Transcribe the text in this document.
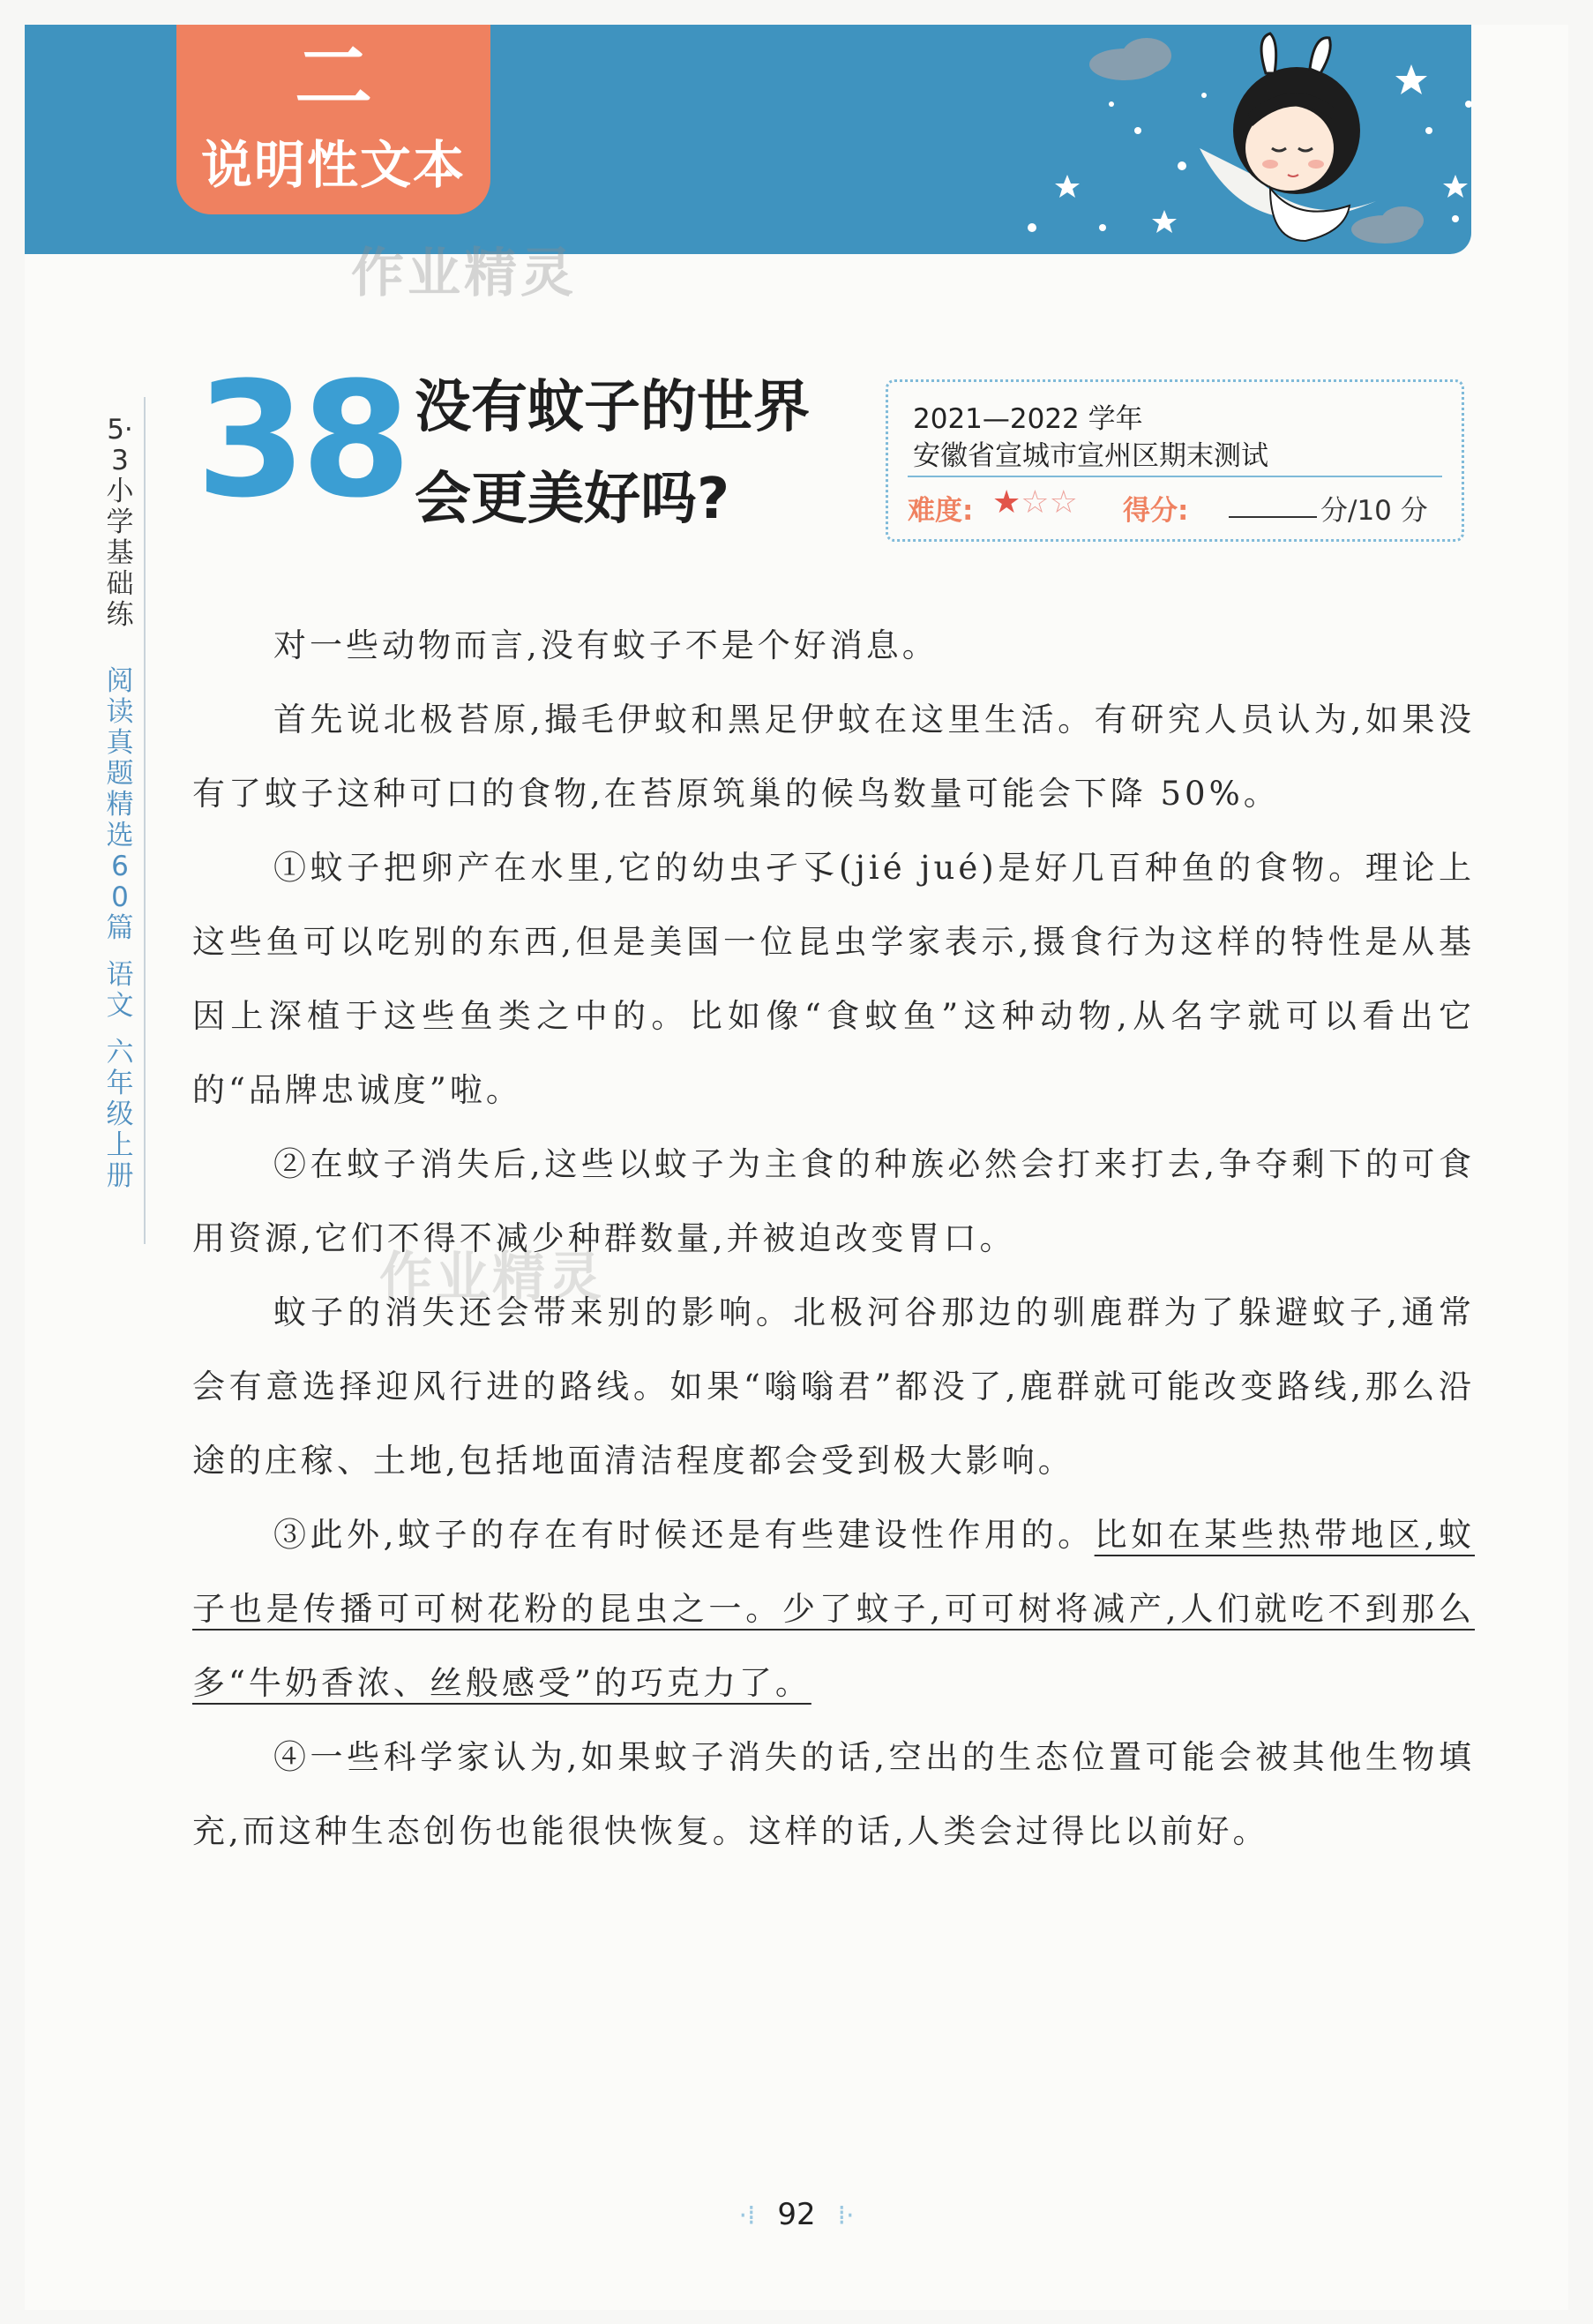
二
说明性文本
作业精灵
作业精灵
5·3小学基础练
阅读真题精选60篇
语文
六年级上册
38 没有蚊子的世界
会更美好吗?
2021—2022 学年
安徽省宣城市宣州区期末测试
难度: ★☆☆ 得分:	分/10 分

对一些动物而言,没有蚊子不是个好消息。

首先说北极苔原,撮毛伊蚊和黑足伊蚊在这里生活。有研究人员认为,如果没有了蚊子这种可口的食物,在苔原筑巢的候鸟数量可能会下降 50%。

①蚊子把卵产在水里,它的幼虫孑孓(jié jué)是好几百种鱼的食物。理论上这些鱼可以吃别的东西,但是美国一位昆虫学家表示,摄食行为这样的特性是从基因上深植于这些鱼类之中的。比如像“食蚊鱼”这种动物,从名字就可以看出它的“品牌忠诚度”啦。

②在蚊子消失后,这些以蚊子为主食的种族必然会打来打去,争夺剩下的可食用资源,它们不得不减少种群数量,并被迫改变胃口。

蚊子的消失还会带来别的影响。北极河谷那边的驯鹿群为了躲避蚊子,通常会有意选择迎风行进的路线。如果“嗡嗡君”都没了,鹿群就可能改变路线,那么沿途的庄稼、土地,包括地面清洁程度都会受到极大影响。

③此外,蚊子的存在有时候还是有些建设性作用的。比如在某些热带地区,蚊子也是传播可可树花粉的昆虫之一。少了蚊子,可可树将减产,人们就吃不到那么多“牛奶香浓、丝般感受”的巧克力了。

④一些科学家认为,如果蚊子消失的话,空出的生态位置可能会被其他生物填充,而这种生态创伤也能很快恢复。这样的话,人类会过得比以前好。

·⁞ 92 ⁞·
